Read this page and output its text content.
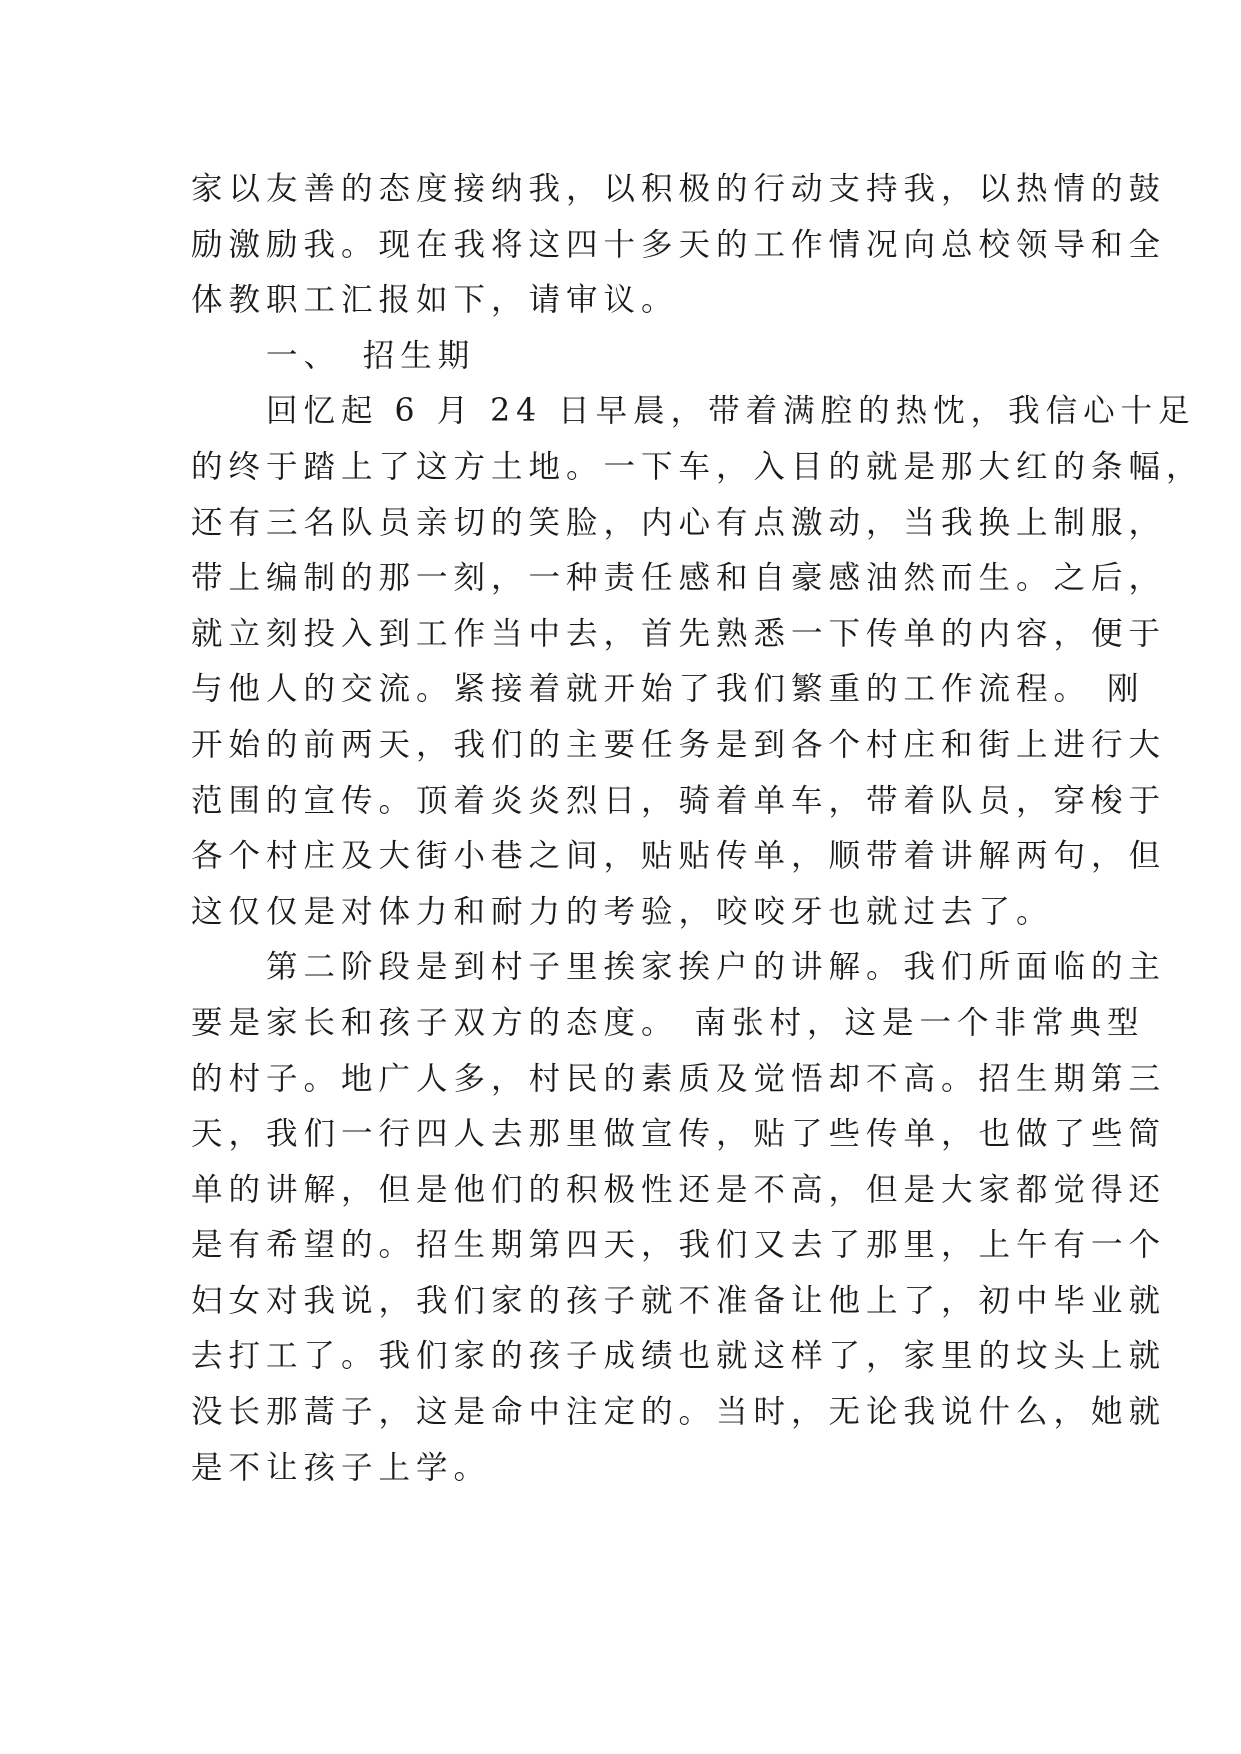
家以友善的态度接纳我，以积极的行动支持我，以热情的鼓
励激励我。现在我将这四十多天的工作情况向总校领导和全
体教职工汇报如下，请审议。
　　一、　招生期
　　回忆起 6 月 24 日早晨，带着满腔的热忱，我信心十足
的终于踏上了这方土地。一下车，入目的就是那大红的条幅，
还有三名队员亲切的笑脸，内心有点激动，当我换上制服，
带上编制的那一刻，一种责任感和自豪感油然而生。之后，
就立刻投入到工作当中去，首先熟悉一下传单的内容，便于
与他人的交流。紧接着就开始了我们繁重的工作流程。 刚
开始的前两天，我们的主要任务是到各个村庄和街上进行大
范围的宣传。顶着炎炎烈日，骑着单车，带着队员，穿梭于
各个村庄及大街小巷之间，贴贴传单，顺带着讲解两句，但
这仅仅是对体力和耐力的考验，咬咬牙也就过去了。
　　第二阶段是到村子里挨家挨户的讲解。我们所面临的主
要是家长和孩子双方的态度。 南张村，这是一个非常典型
的村子。地广人多，村民的素质及觉悟却不高。招生期第三
天，我们一行四人去那里做宣传，贴了些传单，也做了些简
单的讲解，但是他们的积极性还是不高，但是大家都觉得还
是有希望的。招生期第四天，我们又去了那里，上午有一个
妇女对我说，我们家的孩子就不准备让他上了，初中毕业就
去打工了。我们家的孩子成绩也就这样了，家里的坟头上就
没长那蒿子，这是命中注定的。当时，无论我说什么，她就
是不让孩子上学。
